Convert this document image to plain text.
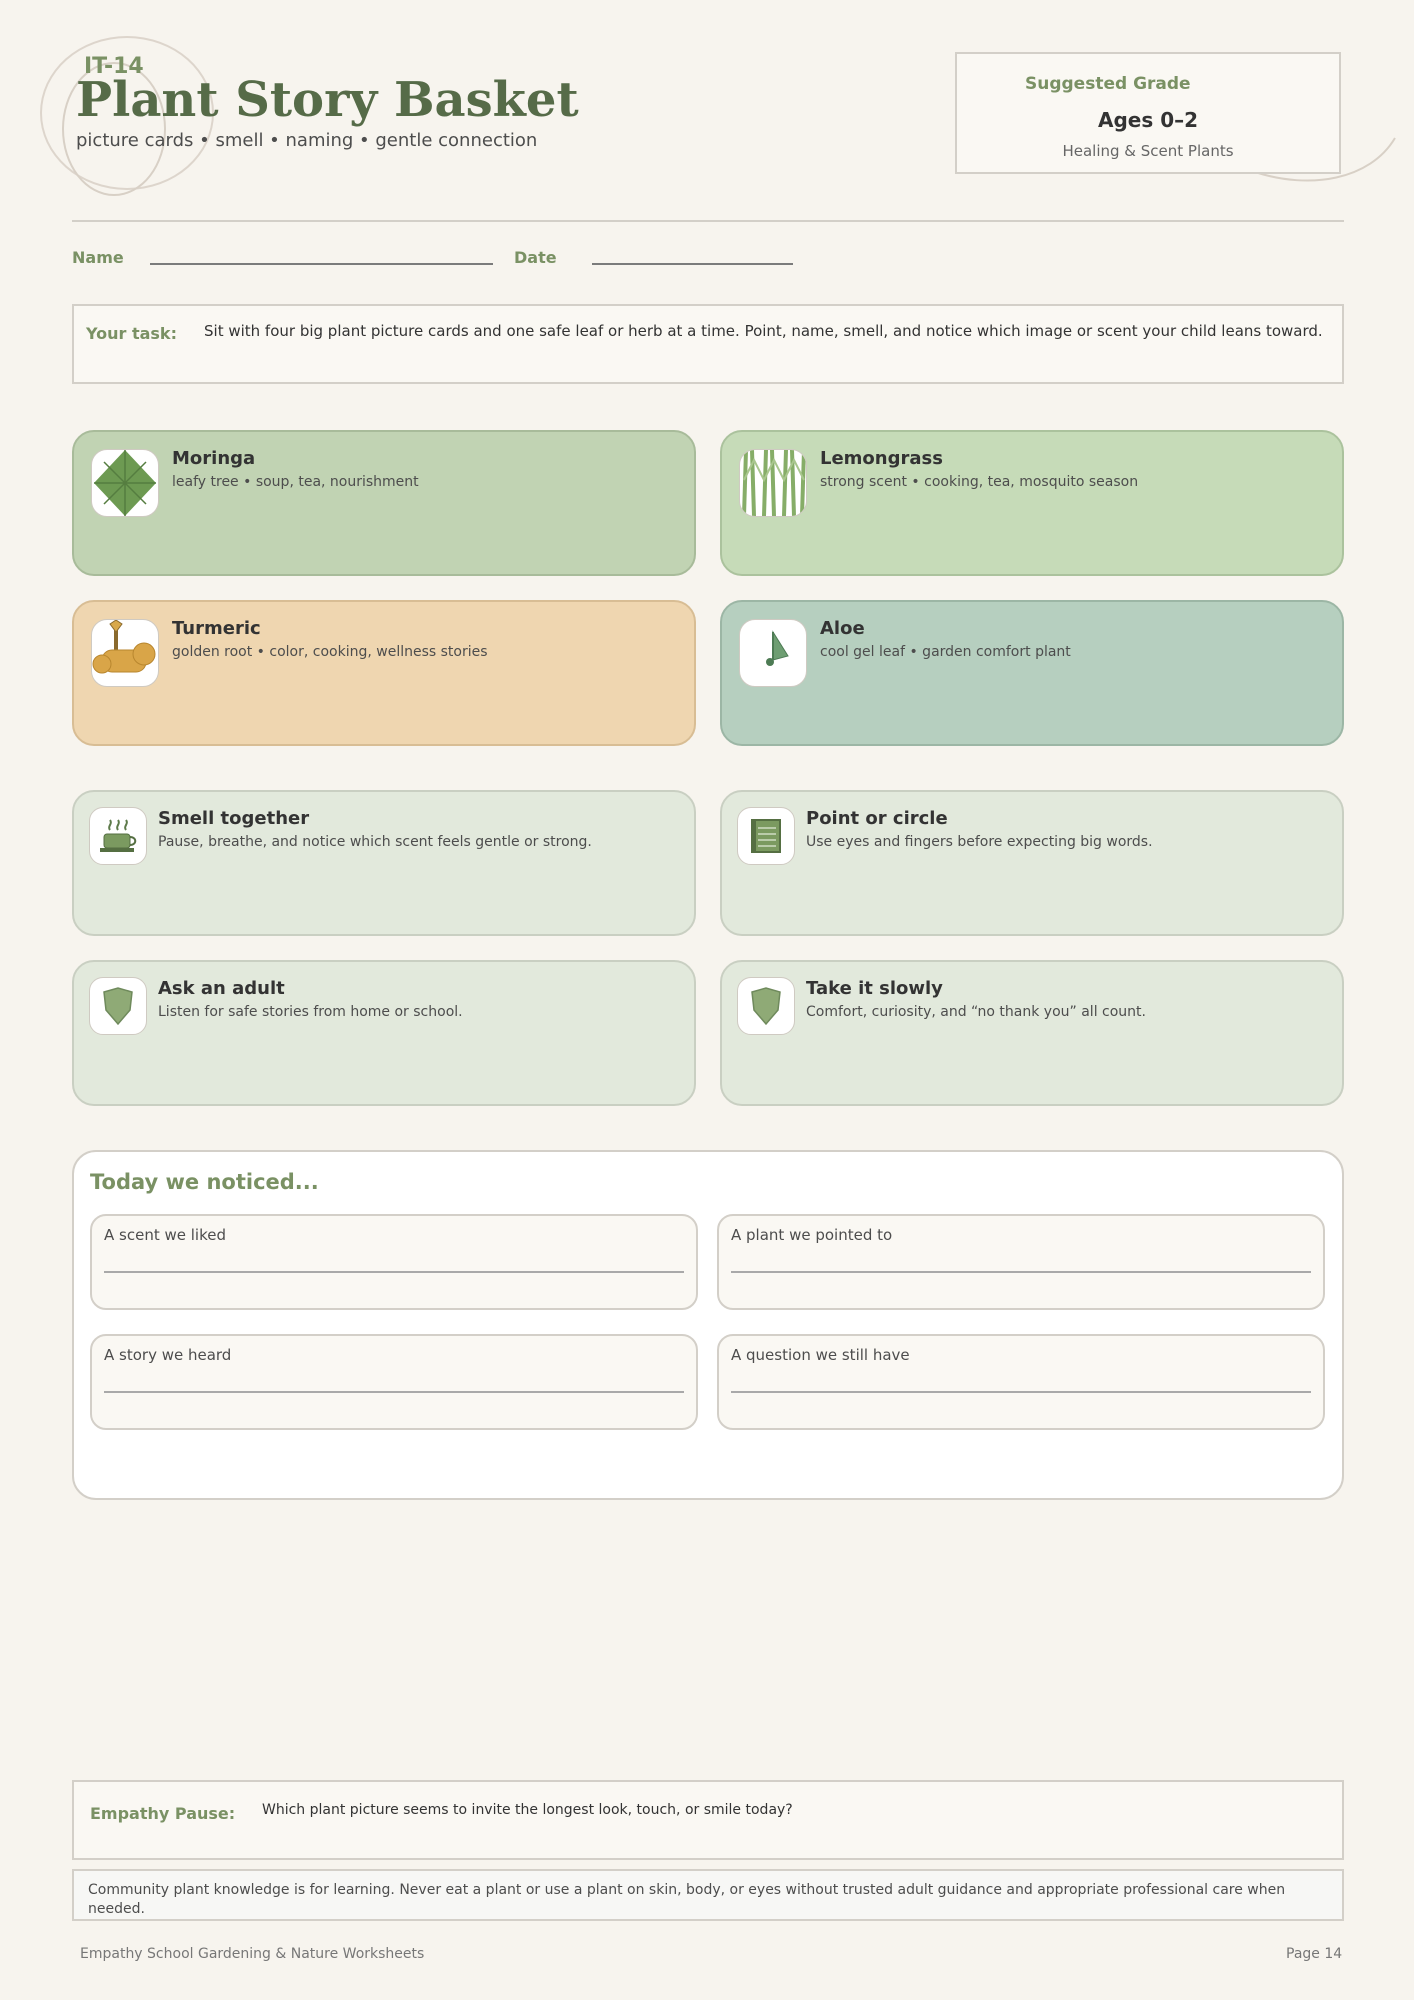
IT-14
Plant Story Basket
picture cards • smell • naming • gentle connection
Suggested Grade
Ages 0–2
Healing & Scent Plants
Name	Date
Your task: Sit with four big plant picture cards and one safe leaf or herb at a time. Point, name, smell, and notice which image or scent your child leans toward.
Moringa
leafy tree • soup, tea, nourishment
Lemongrass
strong scent • cooking, tea, mosquito season
Turmeric
golden root • color, cooking, wellness stories
Aloe
cool gel leaf • garden comfort plant
Smell together
Pause, breathe, and notice which scent feels gentle or strong.
Point or circle
Use eyes and fingers before expecting big words.
Ask an adult
Listen for safe stories from home or school.
Take it slowly
Comfort, curiosity, and “no thank you” all count.
Today we noticed...
A scent we liked	A plant we pointed to
A story we heard	A question we still have
Empathy Pause: Which plant picture seems to invite the longest look, touch, or smile today?
Community plant knowledge is for learning. Never eat a plant or use a plant on skin, body, or eyes without trusted adult guidance and appropriate professional care when needed.
Empathy School Gardening & Nature Worksheets	Page 14
